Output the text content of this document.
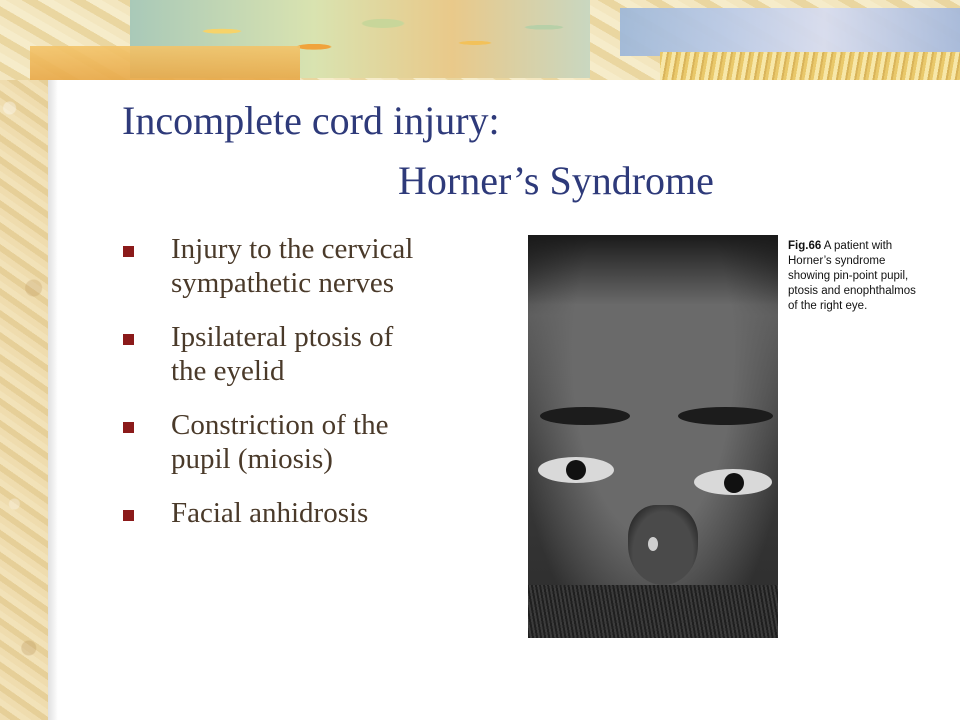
Incomplete cord injury:
Horner’s Syndrome
Injury to the cervical
sympathetic nerves
Ipsilateral ptosis of
the eyelid
Constriction of the
pupil (miosis)
Facial anhidrosis
Fig.66 A patient with
Horner’s syndrome
showing pin-point pupil,
ptosis and enophthalmos
of the right eye.
